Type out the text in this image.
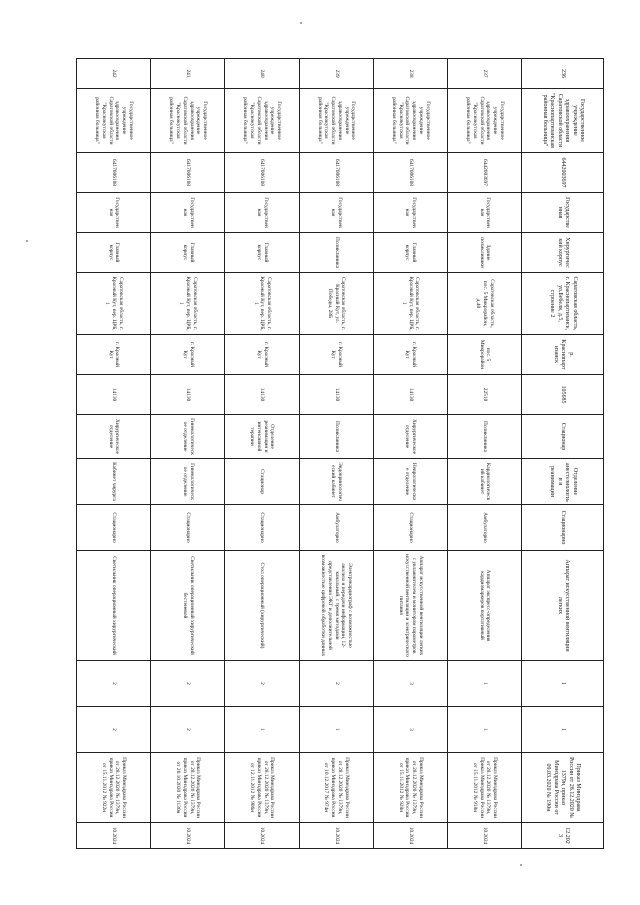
236	Государственное учреждение здравоохранения Саратовской области "Краснопартизанская районная больница"	6442003697	Государственная	Хирургический корпус	Саратовская область, г. Краснопартизанск, ул.Бебеля, д.5, строение 2	р. Краснопартизанск	105685	Стационар	Отделение анестезиологии и реанимации	Стационарно	Аппарат искусственной вентиляции легких	1	1	Приказ Минздрава России от 28.12.2020 № 1379н, приказ Минздрава России от 09.03.2020 № 190н	12.2023
237	Государственное учреждение здравоохранения Саратовской области "Краснокутская районная больница"	6442003697	Государственная	Здание поликлиники	Саратовская область, пос. 5 Микрорайон, д.40	пос. 5 Микрорайон	22510	Поликлиника	Кардиологический кабинет	Амбулаторно	Аппарат экспресс-определения кардиомаркеров портативный	1	1	Приказ Минздрава России от 28.12.2020 № 1379н, Приказ Минздрава России от 15.11.2012 № 918н	10.2024
238	Государственное учреждение здравоохранения Саратовской области "Краснокутская районная больница"	6417006108	Государственная	Главный корпус	Саратовская область, г. Красный Кут, пер. ЦРБ, 1	г. Красный Кут	14130	Хирургическое отделение	Неврологическое отделение	Стационарно	Аппарат искусственной вентиляции легких с увлажнителем и монитором параметров искусственной вентиляции и электрического питания	3	3	Приказ Минздрава России от 28.12.2020 № 1379н, приказ Минздрава России от 15.11.2012 № 928н	10.2024
239	Государственное учреждение здравоохранения Саратовской области "Краснокутская районная больница"	6417006108	Государственная	Поликлиника	Саратовская область, г. Красный Кут, ул. Победы, 28Б	г. Красный Кут	14130	Поликлиника	Эндокринологический кабинет	Амбулаторно	Электрокардиограф с возможностью анализа и передачи информации, 12-канальный, с тремя методами представления ЭКГ и дополнительной возможностью цифровой обработки данных	2	1	Приказ Минздрава России от 28.12.2020 № 1379н, приказ Минздрава России от 10.12.2017 № 974н	10.2024
240	Государственное учреждение здравоохранения Саратовской области "Краснокутская районная больница"	6417006108	Государственная	Главный корпус	Саратовская область, г. Красный Кут, пер. ЦРБ, 1	г. Красный Кут	14130	Отделение реанимации и интенсивной терапии	Стационар	Стационарно	Стол операционный (хирургический)	2	1	Приказ Минздрава России от 28.12.2020 № 1379н, приказ Минздрава России от 12.11.2012 № 906н	10.2024
241	Государственное учреждение здравоохранения Саратовской области "Краснокутская районная больница"	6417006108	Государственная	Главный корпус	Саратовская область, г. Красный Кут, пер. ЦРБ, 1	г. Красный Кут	14130	Гинекологическое отделение	Гинекологическое отделение	Стационарно	Светильник операционный хирургический бестеневой	2	2	Приказ Минздрава России от 28.12.2020 № 1379н, приказ Минздрава России от 20.10.2020 № 1130н	10.2024
242	Государственное учреждение здравоохранения Саратовской области "Краснокутская районная больница"	6417006108	Государственная	Главный корпус	Саратовская область, г. Красный Кут, пер. ЦРБ, 1	г. Красный Кут	14130	Хирургическое отделение	Кабинет хирурга	Стационарно	Светильник операционный хирургический	2	2	Приказ Минздрава России от 28.12.2020 № 1379н, приказ Минздрава России от 15.11.2012 № 922н	10.2024
